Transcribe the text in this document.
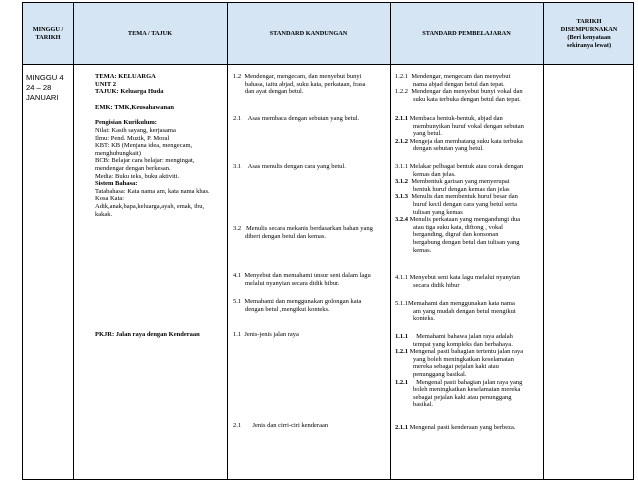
MINGGU /
TARIKH
TEMA / TAJUK	STANDARD KANDUNGAN	STANDARD PEMBELAJARAN
TARIKH
DISEMPURNAKAN
(Beri kenyataan
sekiranya lewat)
MINGGU 4
24 – 28
JANUARI
TEMA: KELUARGA
UNIT 2
TAJUK: Keluarga Huda
EMK: TMK,Keusahawanan
Pengisian Kurikulum:
Nilai: Kasih sayang, kerjasama
Ilmu: Pend. Muzik, P. Moral
KBT: KB (Menjana idea, mengecam,
menghubungkait)
BCB: Belajar cara belajar: mengingat,
mendengar dengan berkesan.
Media: Buku teks, buku aktiviti.
Sistem Bahasa:
Tatabahasa: Kata nama am, kata nama khas.
Kosa Kata:
Adik,anak,bapa,keluarga,ayah, emak, ibu,
kakak.
PKJR: Jalan raya dengan Kenderaan
1.2
Mendengar, mengecam, dan menyebut bunyi
bahasa, iaitu abjad, suku kata, perkataan, frasa
dan ayat dengan betul.
2.1
Asas membaca dengan sebutan yang betul.
3.1
Asas menulis dengan cara yang betul.
3.2
Menulis secara mekanis berdasarkan bahan yang
diberi dengan betul dan kemas.
4.1
Menyebut dan memahami unsur seni dalam lagu
melalui nyanyian secara didik hibur.
5.1
Memahami dan menggunakan golongan kata
dengan betul ,mengikut konteks.
1.1
Jenis-jenis jalan raya
2.1
Jenis dan cirri-ciri kenderaan
1.2.1
Mendengar, mengecam dan menyebut
nama abjad dengan betul dan tepat.
1.2.2
Mendengar dan menyebut bunyi vokal dan
suku kata terbuka dengan betul dan tepat.
2.1.1
Membaca bentuk-bentuk, abjad dan
membunyikan huruf vokal dengan sebutan
yang betul.
2.1.2
Mengeja dan membatang suku kata terbuka
dengan sebutan yang betul.
3.1.1
Melakar pelbagai bentuk atau corak dengan
kemas dan jelas.
3.1.2
Membentuk garisan yang menyerupai
bentuk huruf dengan kemas dan jelas
3.1.3
Menulis dan membentuk huruf besar dan
huruf kecil dengan cara yang betul serta
tulisan yang kemas
3.2.4
Menulis perkataan yang mengandungi dua
atau tiga suku kata, diftong , vokal
berganding, digraf dan konsonan
bergabung dengan betul dan tulisan yang
kemas.
4.1.1
Menyebut seni kata lagu melalui nyanyian
secara didik hibur
5.1.1 Memahami dan menggunakan kata nama
am yang mudah dengan betul mengikut
konteks.
1.1.1
Memahami bahawa jalan raya adalah
tempat yang kompleks dan berbahaya.
1.2.1
Mengenal pasti bahagian tertentu jalan raya
yang boleh meningkatkan keselamatan
mereka sebagai pejalan kaki atau
penunggang basikal.
1.2.1
Mengenal pasti bahagian jalan raya yang
boleh meningkatkan keselamatan mereka
sebagai pejalan kaki atau penunggang
basikal.
2.1.1
Mengenal pasti kenderaan yang berbeza.
